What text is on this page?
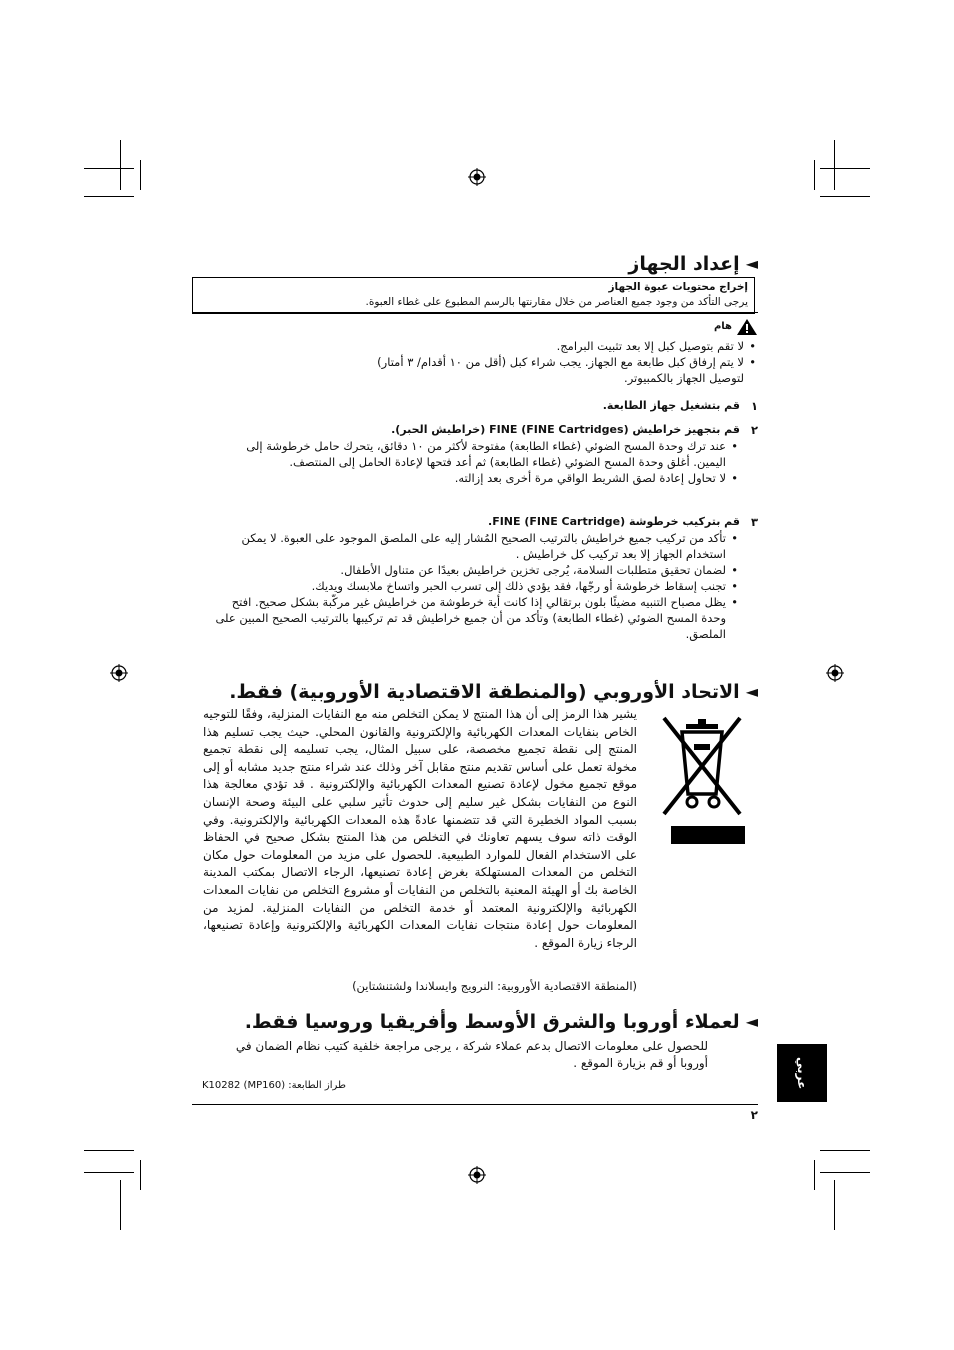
◄
إعداد الجهاز
إخراج محتويات عبوة الجهاز
يرجى التأكد من وجود جميع العناصر من خلال مقارنتها بالرسم المطبوع على غطاء العبوة.
هام
• لا تقم بتوصيل كبل إلا بعد تثبيت البرامج.
• لا يتم إرفاق كبل طابعة مع الجهاز. يجب شراء كبل (أقل من ١٠ أقدام/ ٣ أمتار) لتوصيل الجهاز بالكمبيوتر.
١
قم بتشغيل جهاز الطابعة.
٢
قم بتجهيز خراطيش FINE (FINE Cartridges) (خراطيش الحبر).
• عند ترك وحدة المسح الضوئي (غطاء الطابعة) مفتوحة لأكثر من ١٠ دقائق، يتحرك حامل خرطوشة إلى اليمين. أغلق وحدة المسح الضوئي (غطاء الطابعة) ثم أعد فتحها لإعادة الحامل إلى المنتصف.
• لا تحاول إعادة لصق الشريط الواقي مرة أخرى بعد إزالته.
٣
قم بتركيب خرطوشة FINE (FINE Cartridge).
• تأكد من تركيب جميع خراطيش بالترتيب الصحيح المُشار إليه على الملصق الموجود على العبوة. لا يمكن استخدام الجهاز إلا بعد تركيب كل خراطيش .
• لضمان تحقيق متطلبات السلامة، يُرجى تخزين خراطيش بعيدًا عن متناول الأطفال.
• تجنب إسقاط خرطوشة أو رجّها، فقد يؤدي ذلك إلى تسرب الحبر واتساخ ملابسك ويديك.
• يظل مصباح التنبيه مضيئًا بلون برتقالي إذا كانت أية خرطوشة من خراطيش غير مركّبة بشكل صحيح. افتح وحدة المسح الضوئي (غطاء الطابعة) وتأكد من أن جميع خراطيش قد تم تركيبها بالترتيب الصحيح المبين على الملصق.
◄
الاتحاد الأوروبي (والمنطقة الاقتصادية الأوروبية) فقط.
يشير هذا الرمز إلى أن هذا المنتج لا يمكن التخلص منه مع النفايات المنزلية، وفقًا للتوجيه الخاص بنفايات المعدات الكهربائية والإلكترونية والقانون المحلي. حيث يجب تسليم هذا المنتج إلى نقطة تجميع مخصصة، على سبيل المثال، يجب تسليمه إلى نقطة تجميع مخولة تعمل على أساس تقديم منتج مقابل آخر وذلك عند شراء منتج جديد مشابه أو إلى موقع تجميع مخول لإعادة تصنيع المعدات الكهربائية والإلكترونية . قد تؤدي معالجة هذا النوع من النفايات بشكل غير سليم إلى حدوث تأثير سلبي على البيئة وصحة الإنسان بسبب المواد الخطيرة التي قد تتضمنها عادةً هذه المعدات الكهربائية والإلكترونية. وفي الوقت ذاته سوف يسهم تعاونك في التخلص من هذا المنتج بشكل صحيح في الحفاظ على الاستخدام الفعال للموارد الطبيعية. للحصول على مزيد من المعلومات حول مكان التخلص من المعدات المستهلكة بغرض إعادة تصنيعها، الرجاء الاتصال بمكتب المدينة الخاصة بك أو الهيئة المعنية بالتخلص من النفايات أو مشروع التخلص من نفايات المعدات الكهربائية والإلكترونية المعتمد أو خدمة التخلص من النفايات المنزلية. لمزيد من المعلومات حول إعادة منتجات نفايات المعدات الكهربائية والإلكترونية وإعادة تصنيعها، الرجاء زيارة الموقع .
(المنطقة الاقتصادية الأوروبية: النرويج وايسلاندا ولشتنشتاين)
◄
لعملاء أوروبا والشرق الأوسط وأفريقيا وروسيا فقط.
للحصول على معلومات الاتصال بدعم عملاء شركة ، يرجى مراجعة خلفية كتيب نظام الضمان في أوروبا أو قم بزيارة الموقع .
طراز الطابعة: K10282 (MP160)
٢
عربي
